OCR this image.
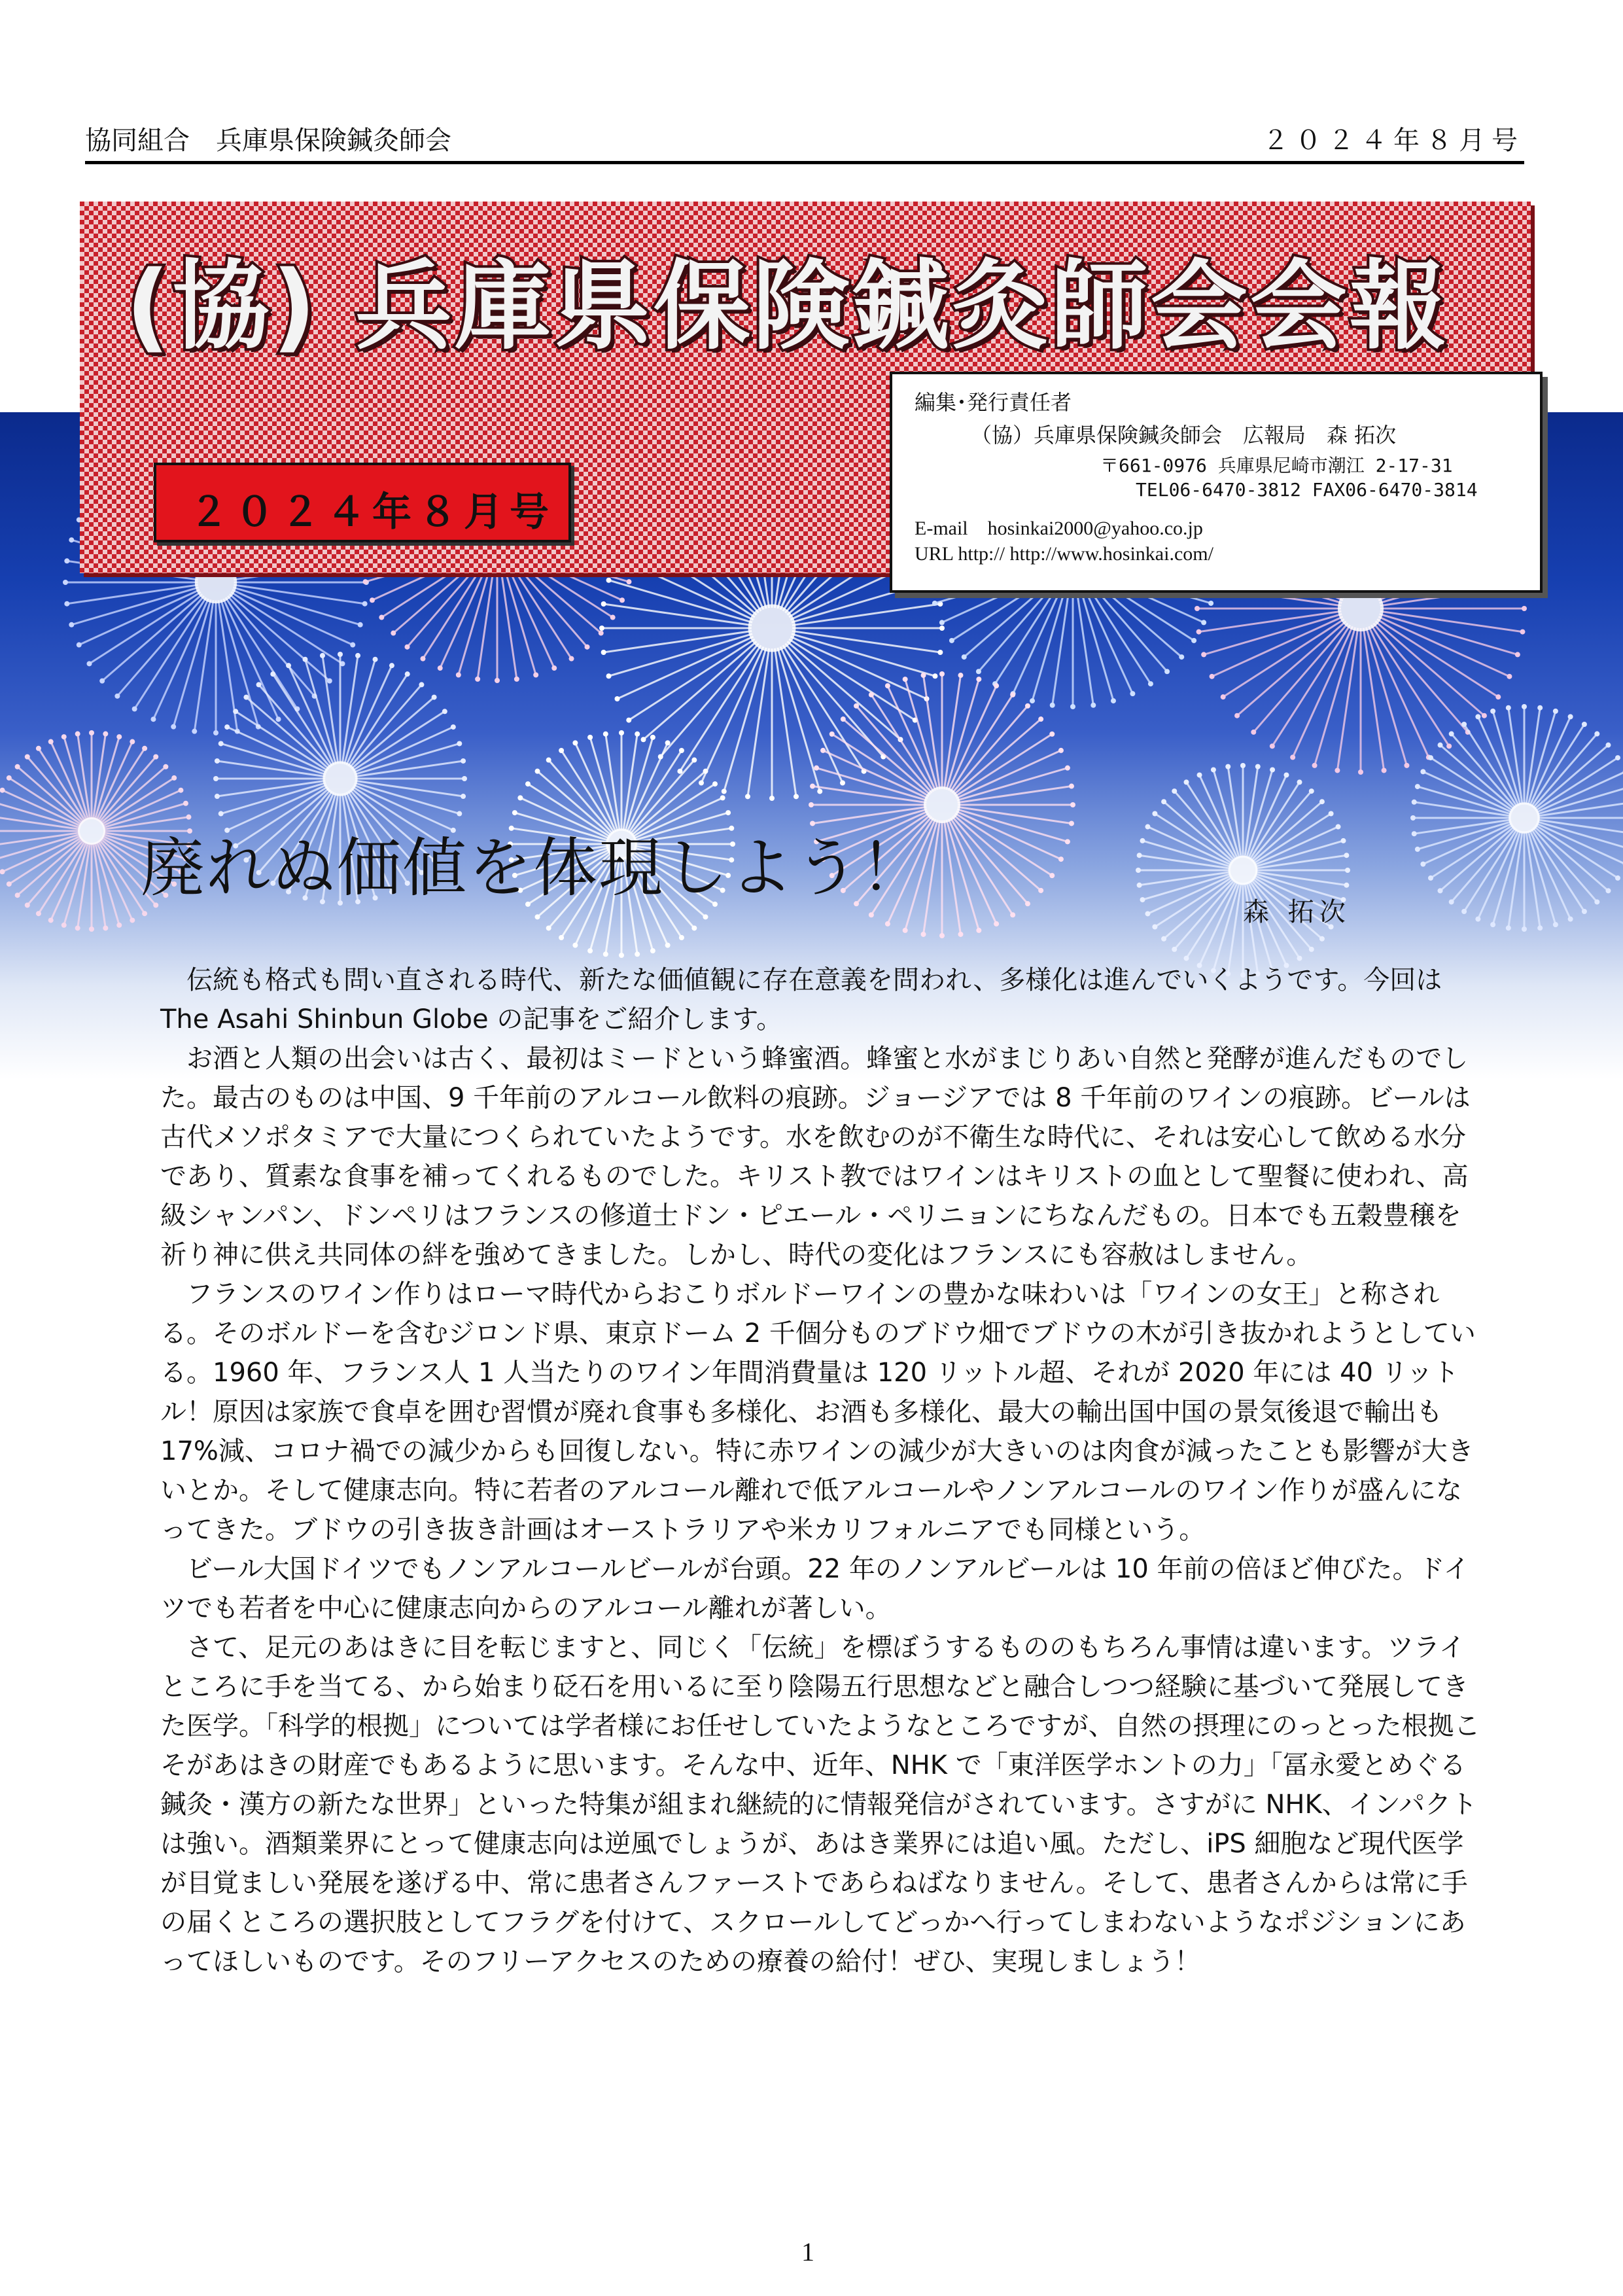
協同組合　兵庫県保険鍼灸師会	２０２４年８月号
(協) 兵庫県保険鍼灸師会会報
２０２４年８月号
編集･発行責任者
（協）兵庫県保険鍼灸師会　広報局　森 拓次
〒661-0976 兵庫県尼崎市潮江 2-17-31
TEL06-6470-3812 FAX06-6470-3814
E-mail　hosinkai2000@yahoo.co.jp
URL http:// http://www.hosinkai.com/
廃れぬ価値を体現しよう！
森 拓次

伝統も格式も問い直される時代、新たな価値観に存在意義を問われ、多様化は進んでいくようです。今回は The Asahi Shinbun Globe の記事をご紹介します。

お酒と人類の出会いは古く、最初はミードという蜂蜜酒。蜂蜜と水がまじりあい自然と発酵が進んだものでした。最古のものは中国、9 千年前のアルコール飲料の痕跡。ジョージアでは 8 千年前のワインの痕跡。ビールは古代メソポタミアで大量につくられていたようです。水を飲むのが不衛生な時代に、それは安心して飲める水分であり、質素な食事を補ってくれるものでした。キリスト教ではワインはキリストの血として聖餐に使われ、高級シャンパン、ドンペリはフランスの修道士ドン・ピエール・ペリニョンにちなんだもの。日本でも五穀豊穣を祈り神に供え共同体の絆を強めてきました。しかし、時代の変化はフランスにも容赦はしません。

フランスのワイン作りはローマ時代からおこりボルドーワインの豊かな味わいは「ワインの女王」と称される。そのボルドーを含むジロンド県、東京ドーム 2 千個分ものブドウ畑でブドウの木が引き抜かれようとしている。1960 年、フランス人 1 人当たりのワイン年間消費量は 120 リットル超、それが 2020 年には 40 リットル！原因は家族で食卓を囲む習慣が廃れ食事も多様化、お酒も多様化、最大の輸出国中国の景気後退で輸出も 17%減、コロナ禍での減少からも回復しない。特に赤ワインの減少が大きいのは肉食が減ったことも影響が大きいとか。そして健康志向。特に若者のアルコール離れで低アルコールやノンアルコールのワイン作りが盛んになってきた。ブドウの引き抜き計画はオーストラリアや米カリフォルニアでも同様という。

ビール大国ドイツでもノンアルコールビールが台頭。22 年のノンアルビールは 10 年前の倍ほど伸びた。ドイツでも若者を中心に健康志向からのアルコール離れが著しい。

さて、足元のあはきに目を転じますと、同じく「伝統」を標ぼうするもののもちろん事情は違います。ツライところに手を当てる、から始まり砭石を用いるに至り陰陽五行思想などと融合しつつ経験に基づいて発展してきた医学。「科学的根拠」については学者様にお任せしていたようなところですが、自然の摂理にのっとった根拠こそがあはきの財産でもあるように思います。そんな中、近年、NHK で「東洋医学ホントの力」「冨永愛とめぐる鍼灸・漢方の新たな世界」といった特集が組まれ継続的に情報発信がされています。さすがに NHK、インパクトは強い。酒類業界にとって健康志向は逆風でしょうが、あはき業界には追い風。ただし、iPS 細胞など現代医学が目覚ましい発展を遂げる中、常に患者さんファーストであらねばなりません。そして、患者さんからは常に手の届くところの選択肢としてフラグを付けて、スクロールしてどっかへ行ってしまわないようなポジションにあってほしいものです。そのフリーアクセスのための療養の給付！ぜひ、実現しましょう！

1
